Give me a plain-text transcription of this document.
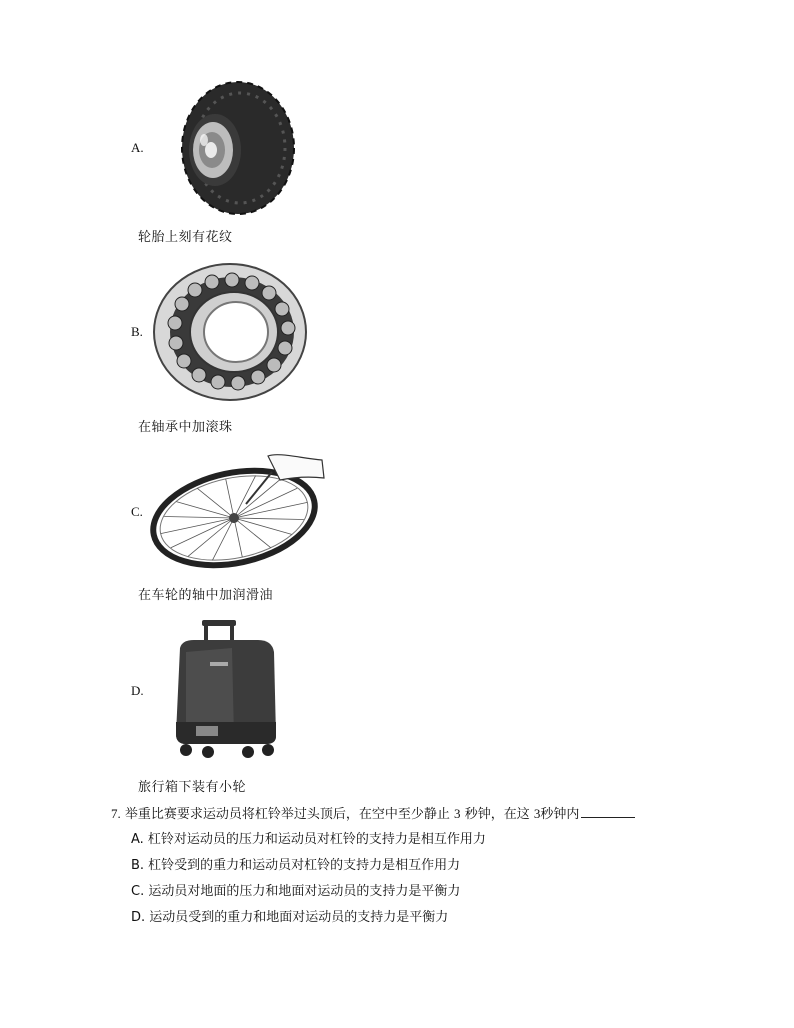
A.
轮胎上刻有花纹
B.
在轴承中加滚珠
C.
在车轮的轴中加润滑油
D.
旅行箱下装有小轮
7. 举重比赛要求运动员将杠铃举过头顶后，在空中至少静止 3 秒钟，在这 3秒钟内
A. 杠铃对运动员的压力和运动员对杠铃的支持力是相互作用力
B. 杠铃受到的重力和运动员对杠铃的支持力是相互作用力
C. 运动员对地面的压力和地面对运动员的支持力是平衡力
D. 运动员受到的重力和地面对运动员的支持力是平衡力
